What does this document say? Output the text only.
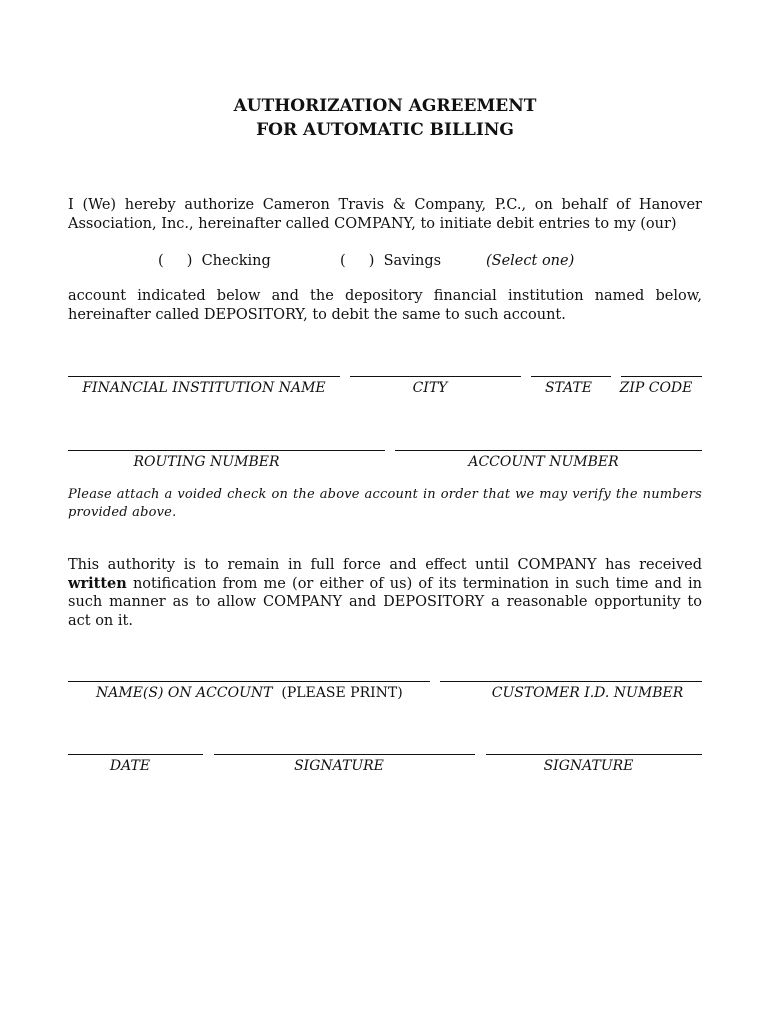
AUTHORIZATION AGREEMENT
FOR AUTOMATIC BILLING
I (We) hereby authorize Cameron Travis & Company, P.C., on behalf of Hanover Association, Inc., hereinafter called COMPANY, to initiate debit entries to my (our)
(     )  Checking	(     )  Savings	(Select one)
account indicated below and the depository financial institution named below, hereinafter called DEPOSITORY, to debit the same to such account.
FINANCIAL INSTITUTION NAME	CITY	STATE	ZIP CODE
ROUTING NUMBER	ACCOUNT NUMBER
Please attach a voided check on the above account in order that we may verify the numbers provided above.
This authority is to remain in full force and effect until COMPANY has received written notification from me (or either of us) of its termination in such time and in such manner as to allow COMPANY and DEPOSITORY a reasonable opportunity to act on it.
NAME(S) ON ACCOUNT (PLEASE PRINT)	CUSTOMER I.D. NUMBER
DATE	SIGNATURE	SIGNATURE
